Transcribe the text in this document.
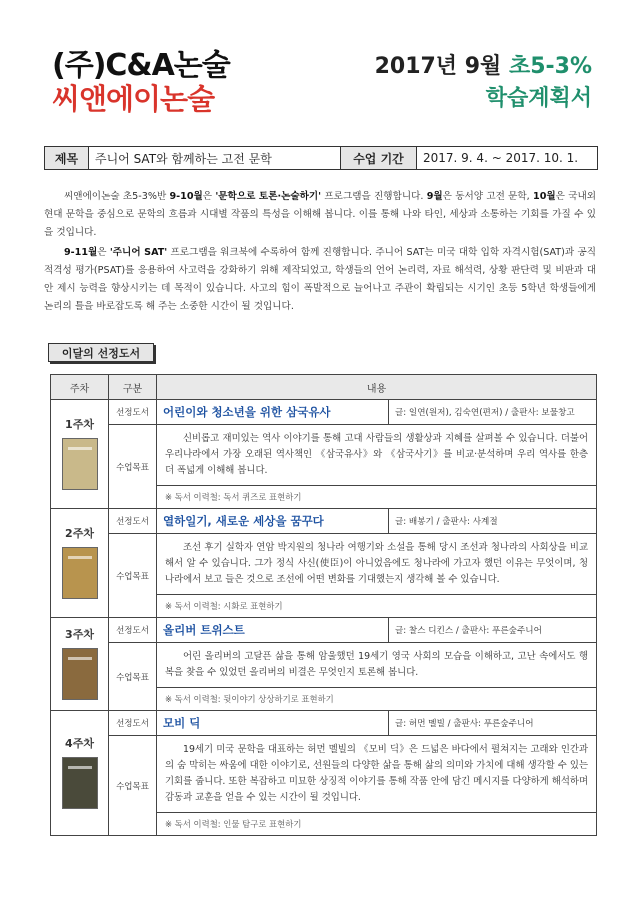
(주)C&A논술
씨앤에이논술
2017년 9월 초5-3%
학습계획서
제목	주니어 SAT와 함께하는 고전 문학	수업 기간	2017. 9. 4. ~ 2017. 10. 1.

씨앤에이논술 초5-3%반 9-10월은 '문학으로 토론·논술하기' 프로그램을 진행합니다. 9월은 동서양 고전 문학, 10월은 국내외 현대 문학을 중심으로 문학의 흐름과 시대별 작품의 특성을 이해해 봅니다. 이를 통해 나와 타인, 세상과 소통하는 기회를 가질 수 있을 것입니다.

9-11월은 '주니어 SAT' 프로그램을 워크북에 수록하여 함께 진행합니다. 주니어 SAT는 미국 대학 입학 자격시험(SAT)과 공직 적격성 평가(PSAT)를 응용하여 사고력을 강화하기 위해 제작되었고, 학생들의 언어 논리력, 자료 해석력, 상황 판단력 및 비판과 대안 제시 능력을 향상시키는 데 목적이 있습니다. 사고의 힘이 폭발적으로 늘어나고 주관이 확립되는 시기인 초등 5학년 학생들에게 논리의 틀을 바로잡도록 해 주는 소중한 시간이 될 것입니다.

이달의 선정도서
주차	구분	내용	

1주차	선정도서	어린이와 청소년을 위한 삼국유사	글: 일연(원저), 김숙연(편저) / 출판사: 보물창고
	수업목표	신비롭고 재미있는 역사 이야기를 통해 고대 사람들의 생활상과 지혜를 살펴볼 수 있습니다. 더불어 우리나라에서 가장 오래된 역사책인 《삼국유사》와 《삼국사기》를 비교·분석하며 우리 역사를 한층 더 폭넓게 이해해 봅니다.	

		※ 독서 이력철: 독서 퀴즈로 표현하기	

2주차	선정도서	열하일기, 새로운 세상을 꿈꾸다	글: 배봉기 / 출판사: 사계절
	수업목표	조선 후기 실학자 연암 박지원의 청나라 여행기와 소설을 통해 당시 조선과 청나라의 사회상을 비교해서 알 수 있습니다. 그가 정식 사신(使臣)이 아니었음에도 청나라에 가고자 했던 이유는 무엇이며, 청나라에서 보고 들은 것으로 조선에 어떤 변화를 기대했는지 생각해 볼 수 있습니다.	

		※ 독서 이력철: 시화로 표현하기	

3주차	선정도서	올리버 트위스트	글: 찰스 디킨스 / 출판사: 푸른숲주니어
	수업목표	어린 올리버의 고달픈 삶을 통해 암울했던 19세기 영국 사회의 모습을 이해하고, 고난 속에서도 행복을 찾을 수 있었던 올리버의 비결은 무엇인지 토론해 봅니다.	

		※ 독서 이력철: 뒷이야기 상상하기로 표현하기	

4주차	선정도서	모비 딕	글: 허먼 멜빌 / 출판사: 푸른숲주니어
	수업목표	19세기 미국 문학을 대표하는 허먼 멜빌의 《모비 딕》은 드넓은 바다에서 펼쳐지는 고래와 인간과의 숨 막히는 싸움에 대한 이야기로, 선원들의 다양한 삶을 통해 삶의 의미와 가치에 대해 생각할 수 있는 기회를 줍니다. 또한 복잡하고 미묘한 상징적 이야기를 통해 작품 안에 담긴 메시지를 다양하게 해석하며 감동과 교훈을 얻을 수 있는 시간이 될 것입니다.	

		※ 독서 이력철: 인물 탐구로 표현하기	
